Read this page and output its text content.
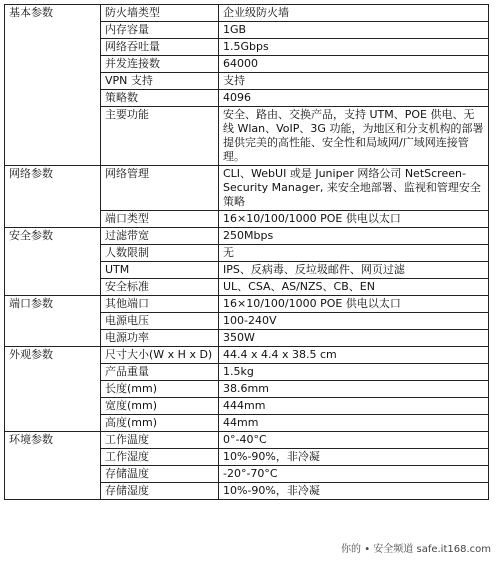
基本参数	防火墙类型	企业级防火墙
	内存容量	1GB
	网络吞吐量	1.5Gbps
	并发连接数	64000
	VPN 支持	支持
	策略数	4096
	主要功能	安全、路由、交换产品，支持 UTM、POE 供电、无线 Wlan、VoIP、3G 功能，为地区和分支机构的部署提供完美的高性能、安全性和局域网/广域网连接管理。
网络参数	网络管理	CLI、WebUI 或是 Juniper 网络公司 NetScreen-Security Manager, 来安全地部署、监视和管理安全策略
	端口类型	16×10/100/1000 POE 供电以太口
安全参数	过滤带宽	250Mbps
	人数限制	无
	UTM	IPS、反病毒、反垃圾邮件、网页过滤
	安全标准	UL、CSA、AS/NZS、CB、EN
端口参数	其他端口	16×10/100/1000 POE 供电以太口
	电源电压	100-240V
	电源功率	350W
外观参数	尺寸大小(W x H x D)	44.4 x 4.4 x 38.5 cm
	产品重量	1.5kg
	长度(mm)	38.6mm
	宽度(mm)	444mm
	高度(mm)	44mm
环境参数	工作温度	0°-40°C
	工作湿度	10%-90%，非冷凝
	存储温度	-20°-70°C
	存储湿度	10%-90%，非冷凝
你的 • 安全频道 safe.it168.com
